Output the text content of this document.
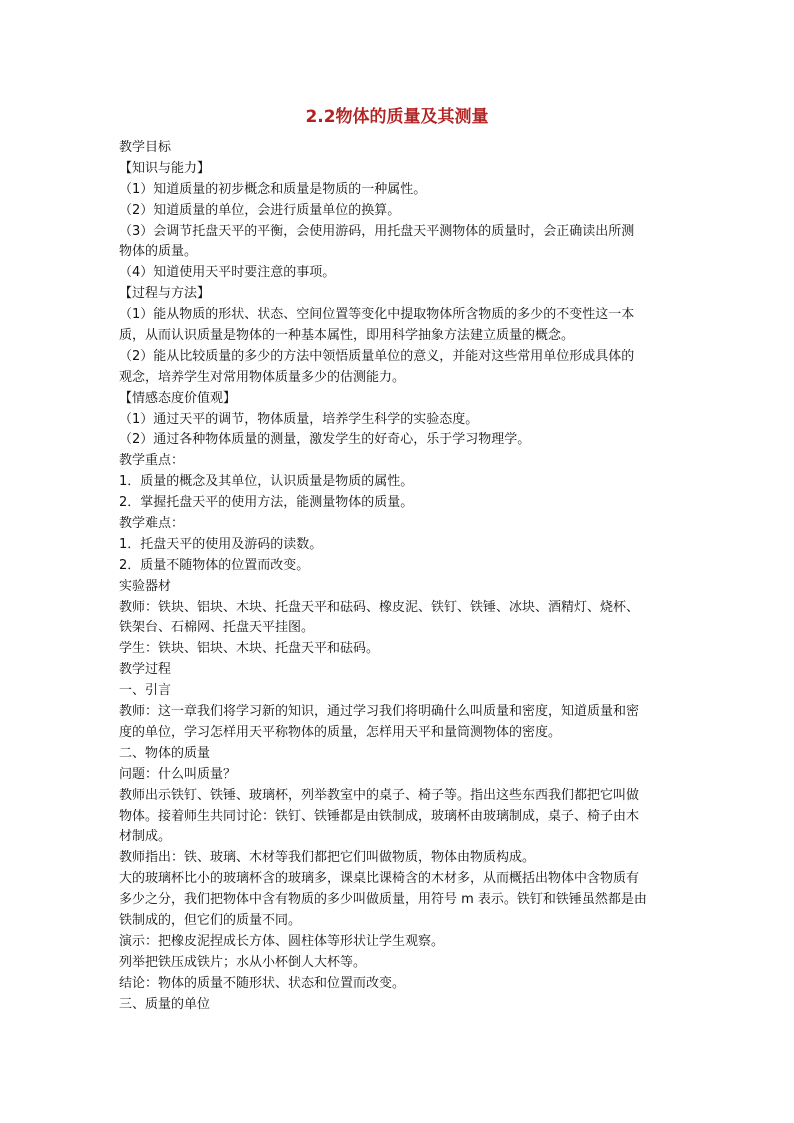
2.2物体的质量及其测量
教学目标
【知识与能力】
（1）知道质量的初步概念和质量是物质的一种属性。
（2）知道质量的单位，会进行质量单位的换算。
（3）会调节托盘天平的平衡，会使用游码，用托盘天平测物体的质量时，会正确读出所测
物体的质量。
（4）知道使用天平时要注意的事项。
【过程与方法】
（1）能从物质的形状、状态、空间位置等变化中提取物体所含物质的多少的不变性这一本
质，从而认识质量是物体的一种基本属性，即用科学抽象方法建立质量的概念。
（2）能从比较质量的多少的方法中领悟质量单位的意义，并能对这些常用单位形成具体的
观念，培养学生对常用物体质量多少的估测能力。
【情感态度价值观】
（1）通过天平的调节，物体质量，培养学生科学的实验态度。
（2）通过各种物体质量的测量，激发学生的好奇心，乐于学习物理学。
教学重点：
1．质量的概念及其单位，认识质量是物质的属性。
2．掌握托盘天平的使用方法，能测量物体的质量。
教学难点：
1．托盘天平的使用及游码的读数。
2．质量不随物体的位置而改变。
实验器材
教师：铁块、铝块、木块、托盘天平和砝码、橡皮泥、铁钉、铁锤、冰块、酒精灯、烧杯、
铁架台、石棉网、托盘天平挂图。
学生：铁块、铝块、木块、托盘天平和砝码。
教学过程
一、引言
教师：这一章我们将学习新的知识，通过学习我们将明确什么叫质量和密度，知道质量和密
度的单位，学习怎样用天平称物体的质量，怎样用天平和量筒测物体的密度。
二、物体的质量
问题：什么叫质量？
教师出示铁钉、铁锤、玻璃杯，列举教室中的桌子、椅子等。指出这些东西我们都把它叫做
物体。接着师生共同讨论：铁钉、铁锤都是由铁制成，玻璃杯由玻璃制成，桌子、椅子由木
材制成。
教师指出：铁、玻璃、木材等我们都把它们叫做物质，物体由物质构成。
大的玻璃杯比小的玻璃杯含的玻璃多，课桌比课椅含的木材多，从而概括出物体中含物质有
多少之分，我们把物体中含有物质的多少叫做质量，用符号 m 表示。铁钉和铁锤虽然都是由
铁制成的，但它们的质量不同。
演示：把橡皮泥捏成长方体、圆柱体等形状让学生观察。
列举把铁压成铁片；水从小杯倒人大杯等。
结论：物体的质量不随形状、状态和位置而改变。
三、质量的单位
